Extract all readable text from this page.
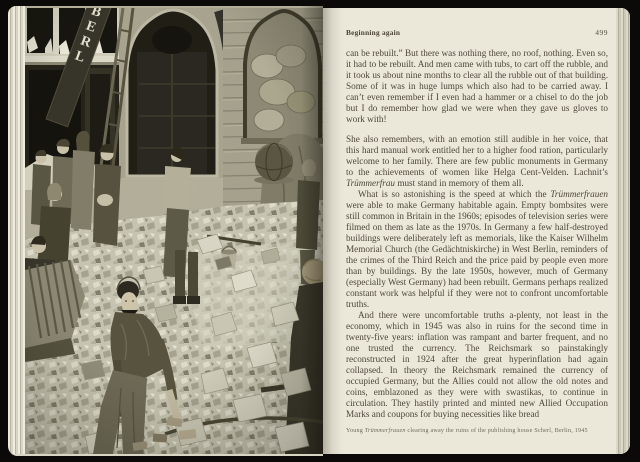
Beginning again	499

can be rebuilt.” But there was nothing there, no roof, nothing. Even so, it had to be rebuilt. And men came with tubs, to cart off the rubble, and it took us about nine months to clear all the rubble out of that building. Some of it was in huge lumps which also had to be carried away. I can’t even remember if I even had a hammer or a chisel to do the job but I do remember how glad we were when they gave us gloves to work with!

She also remembers, with an emotion still audible in her voice, that this hard manual work entitled her to a higher food ration, particularly welcome to her family. There are few public monuments in Germany to the achievements of women like Helga Cent-Velden. Lachnit’s Trümmerfrau must stand in memory of them all.

What is so astonishing is the speed at which the Trümmerfrauen were able to make Germany habitable again. Empty bombsites were still common in Britain in the 1960s; episodes of television series were filmed on them as late as the 1970s. In Germany a few half-destroyed buildings were deliberately left as memorials, like the Kaiser Wilhelm Memorial Church (the Gedächtniskirche) in West Berlin, reminders of the crimes of the Third Reich and the price paid by people even more than by buildings. By the late 1950s, however, much of Germany (especially West Germany) had been rebuilt. Germans perhaps realized constant work was helpful if they were not to confront uncomfortable truths.

And there were uncomfortable truths a-plenty, not least in the economy, which in 1945 was also in ruins for the second time in twenty-five years: inflation was rampant and barter frequent, and no one trusted the currency. The Reichsmark so painstakingly reconstructed in 1924 after the great hyperinflation had again collapsed. In theory the Reichsmark remained the currency of occupied Germany, but the Allies could not allow the old notes and coins, emblazoned as they were with swastikas, to continue in circulation. They hastily printed and minted new Allied Occupation Marks and coupons for buying necessities like bread

Young Trümmerfrauen clearing away the ruins of the publishing house Scherl, Berlin, 1945
